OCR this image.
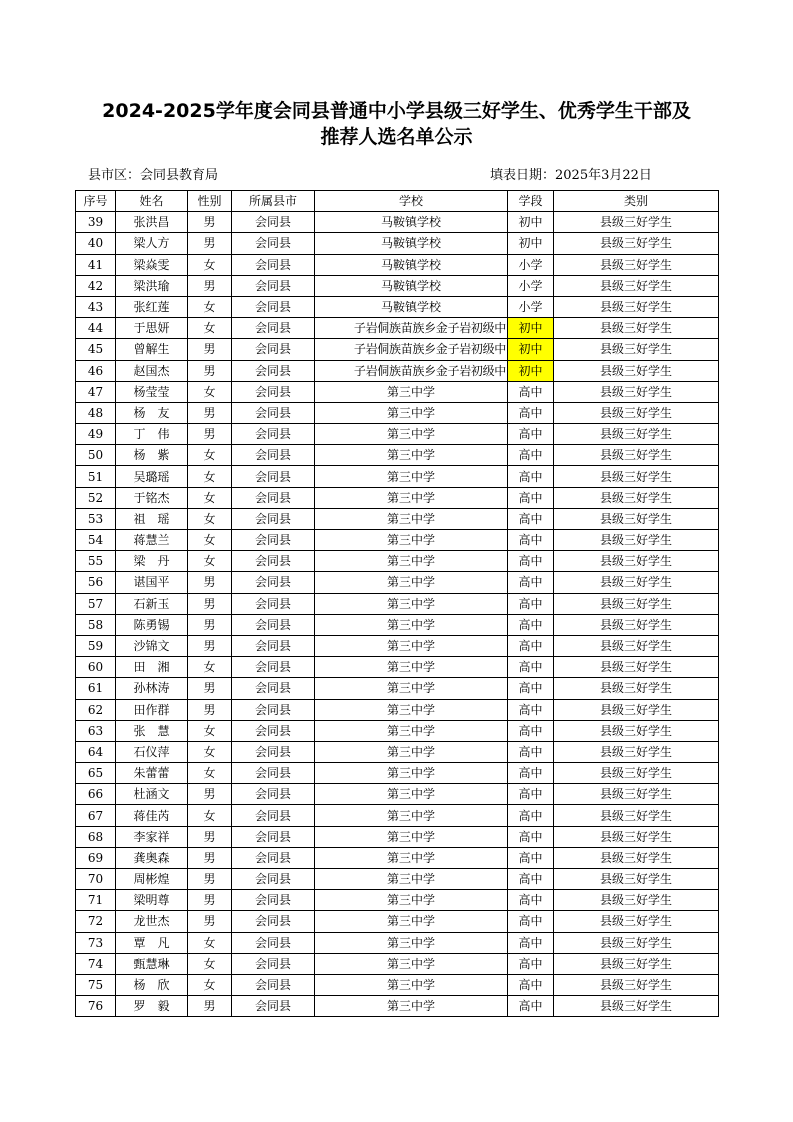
2024-2025学年度会同县普通中小学县级三好学生、优秀学生干部及
推荐人选名单公示
县市区：会同县教育局	填表日期：2025年3月22日
序号	姓名	性别	所属县市	学校	学段	类别
39	张洪昌	男	会同县	马鞍镇学校	初中	县级三好学生
40	梁人方	男	会同县	马鞍镇学校	初中	县级三好学生
41	梁焱雯	女	会同县	马鞍镇学校	小学	县级三好学生
42	梁洪瑜	男	会同县	马鞍镇学校	小学	县级三好学生
43	张红莲	女	会同县	马鞍镇学校	小学	县级三好学生
44	于思妍	女	会同县	子岩侗族苗族乡金子岩初级中	初中	县级三好学生
45	曾解生	男	会同县	子岩侗族苗族乡金子岩初级中	初中	县级三好学生
46	赵国杰	男	会同县	子岩侗族苗族乡金子岩初级中	初中	县级三好学生
47	杨莹莹	女	会同县	第三中学	高中	县级三好学生
48	杨　友	男	会同县	第三中学	高中	县级三好学生
49	丁　伟	男	会同县	第三中学	高中	县级三好学生
50	杨　紫	女	会同县	第三中学	高中	县级三好学生
51	吴璐瑶	女	会同县	第三中学	高中	县级三好学生
52	于铭杰	女	会同县	第三中学	高中	县级三好学生
53	祖　瑶	女	会同县	第三中学	高中	县级三好学生
54	蒋慧兰	女	会同县	第三中学	高中	县级三好学生
55	梁　丹	女	会同县	第三中学	高中	县级三好学生
56	谌国平	男	会同县	第三中学	高中	县级三好学生
57	石新玉	男	会同县	第三中学	高中	县级三好学生
58	陈勇锡	男	会同县	第三中学	高中	县级三好学生
59	沙锦文	男	会同县	第三中学	高中	县级三好学生
60	田　湘	女	会同县	第三中学	高中	县级三好学生
61	孙林涛	男	会同县	第三中学	高中	县级三好学生
62	田作群	男	会同县	第三中学	高中	县级三好学生
63	张　慧	女	会同县	第三中学	高中	县级三好学生
64	石仪萍	女	会同县	第三中学	高中	县级三好学生
65	朱蕾蕾	女	会同县	第三中学	高中	县级三好学生
66	杜涵文	男	会同县	第三中学	高中	县级三好学生
67	蒋佳芮	女	会同县	第三中学	高中	县级三好学生
68	李家祥	男	会同县	第三中学	高中	县级三好学生
69	龚奥森	男	会同县	第三中学	高中	县级三好学生
70	周彬煌	男	会同县	第三中学	高中	县级三好学生
71	梁明尊	男	会同县	第三中学	高中	县级三好学生
72	龙世杰	男	会同县	第三中学	高中	县级三好学生
73	覃　凡	女	会同县	第三中学	高中	县级三好学生
74	甄慧琳	女	会同县	第三中学	高中	县级三好学生
75	杨　欣	女	会同县	第三中学	高中	县级三好学生
76	罗　毅	男	会同县	第三中学	高中	县级三好学生
